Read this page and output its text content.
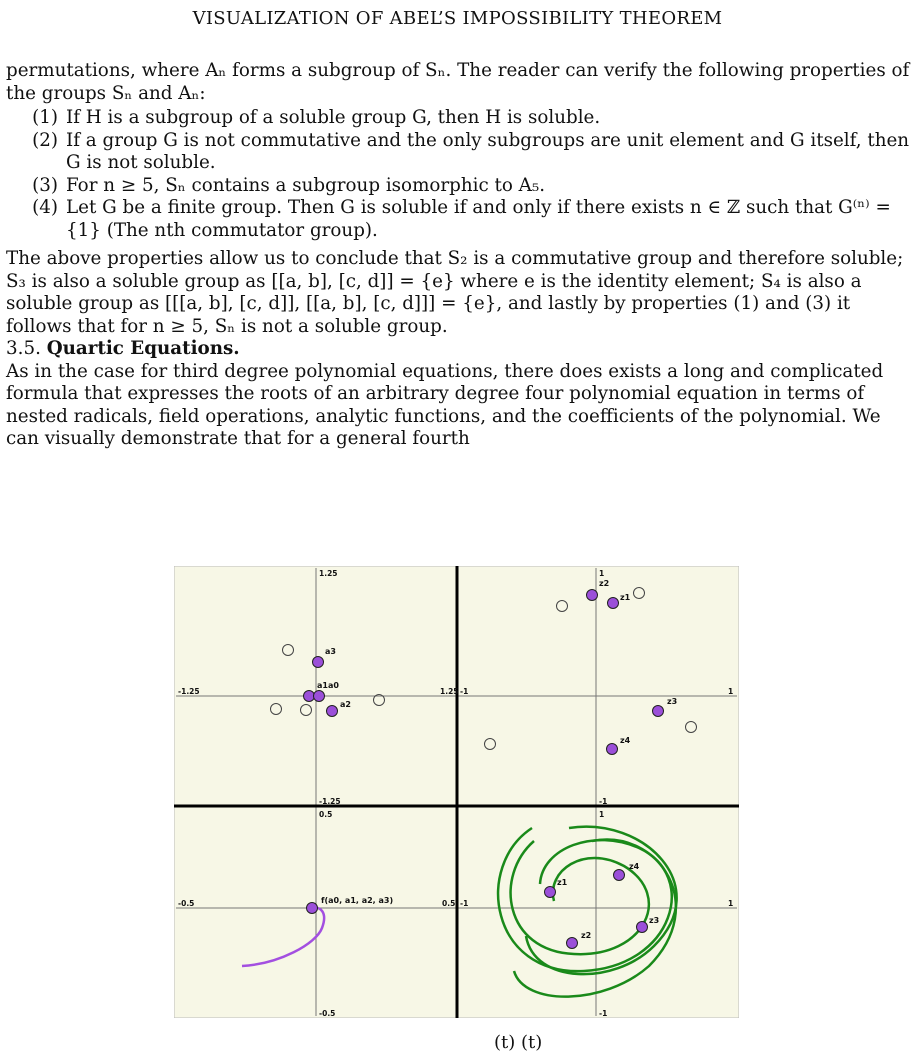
VISUALIZATION OF ABEL’S IMPOSSIBILITY THEOREM

permutations, where Aₙ forms a subgroup of Sₙ. The reader can verify the following properties of the groups Sₙ and Aₙ:

(1) If H is a subgroup of a soluble group G, then H is soluble.
(2) If a group G is not commutative and the only subgroups are unit element and G itself, then G is not soluble.
(3) For n ≥ 5, Sₙ contains a subgroup isomorphic to A₅.
(4) Let G be a finite group. Then G is soluble if and only if there exists n ∈ ℤ such that G⁽ⁿ⁾ = {1} (The nth commutator group).

The above properties allow us to conclude that S₂ is a commutative group and therefore soluble; S₃ is also a soluble group as [[a, b], [c, d]] = {e} where e is the identity element; S₄ is also a soluble group as [[[a, b], [c, d]], [[a, b], [c, d]]] = {e}, and lastly by properties (1) and (3) it follows that for n ≥ 5, Sₙ is not a soluble group.

3.5. Quartic Equations.

As in the case for third degree polynomial equations, there does exists a long and complicated formula that expresses the roots of an arbitrary degree four polynomial equation in terms of nested radicals, field operations, analytic functions, and the coefficients of the polynomial. We can visually demonstrate that for a general fourth

1.25
-1.25	1.25
-1.25
1
-1	1
-1
0.5
-0.5	0.5
-0.5
1
-1	1
-1
a3
a1a0
a2
z2
z1
z3
z4
f(a0, a1, a2, a3)
z1
z4
z3
z2
(t) (t)
